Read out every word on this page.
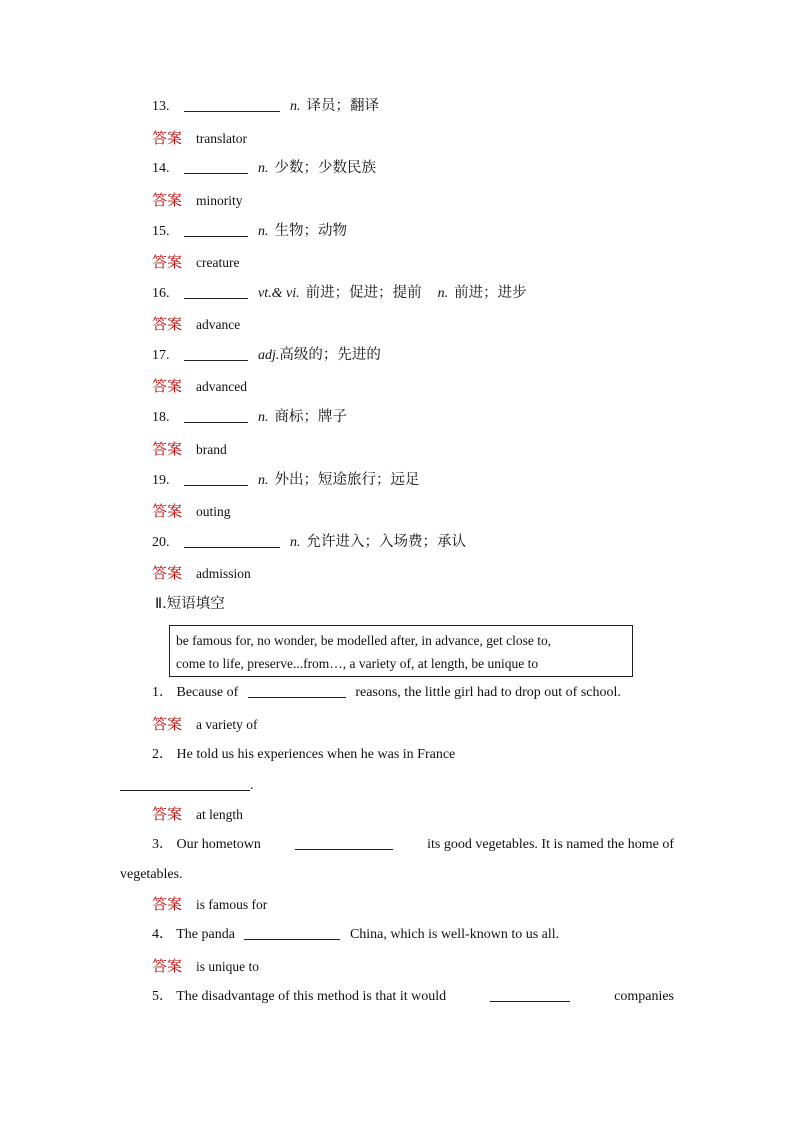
13.	n. 译员；翻译
答案 translator
14.	n. 少数；少数民族
答案 minority
15.	n. 生物；动物
答案 creature
16.	vt.& vi. 前进；促进；提前 n. 前进；进步
答案 advance
17.	adj.高级的；先进的
答案 advanced
18.	n. 商标；牌子
答案 brand
19.	n. 外出；短途旅行；远足
答案 outing
20.	n. 允许进入；入场费；承认
答案 admission
Ⅱ.短语填空
be famous for, no wonder, be modelled after, in advance, get close to,
come to life, preserve...from…, a variety of, at length, be unique to
1． Because of	reasons, the little girl had to drop out of school.
答案 a variety of
2． He told us his experiences when he was in France
.
答案 at length
3． Our hometown	its good vegetables. It is named the home of
vegetables.
答案 is famous for
4． The panda	China, which is well-known to us all.
答案 is unique to
5． The disadvantage of this method is that it would	companies
